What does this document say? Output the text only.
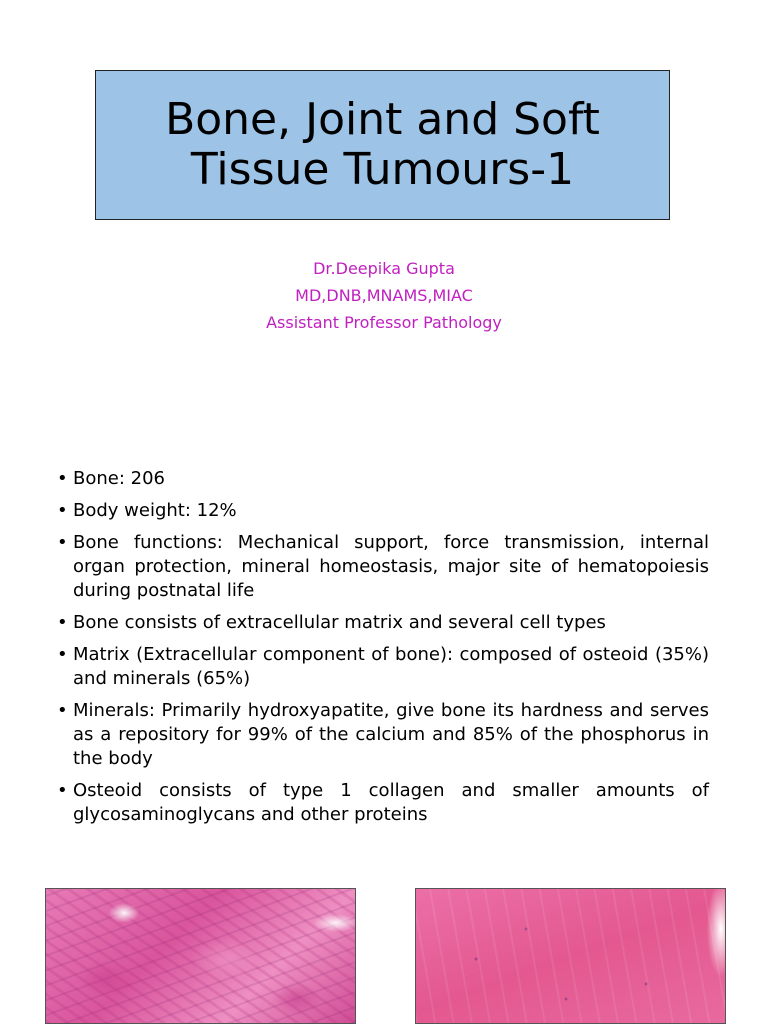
Bone, Joint and Soft
Tissue Tumours-1
Dr.Deepika Gupta
MD,DNB,MNAMS,MIAC
Assistant Professor Pathology
• Bone: 206
• Body weight: 12%
• Bone functions: Mechanical support, force transmission, internal organ protection, mineral homeostasis, major site of hematopoiesis during postnatal life
• Bone consists of extracellular matrix and several cell types
• Matrix (Extracellular component of bone): composed of osteoid (35%) and minerals (65%)
• Minerals: Primarily hydroxyapatite, give bone its hardness and serves as a repository for 99% of the calcium and 85% of the phosphorus in the body
• Osteoid consists of type 1 collagen and smaller amounts of glycosaminoglycans and other proteins
